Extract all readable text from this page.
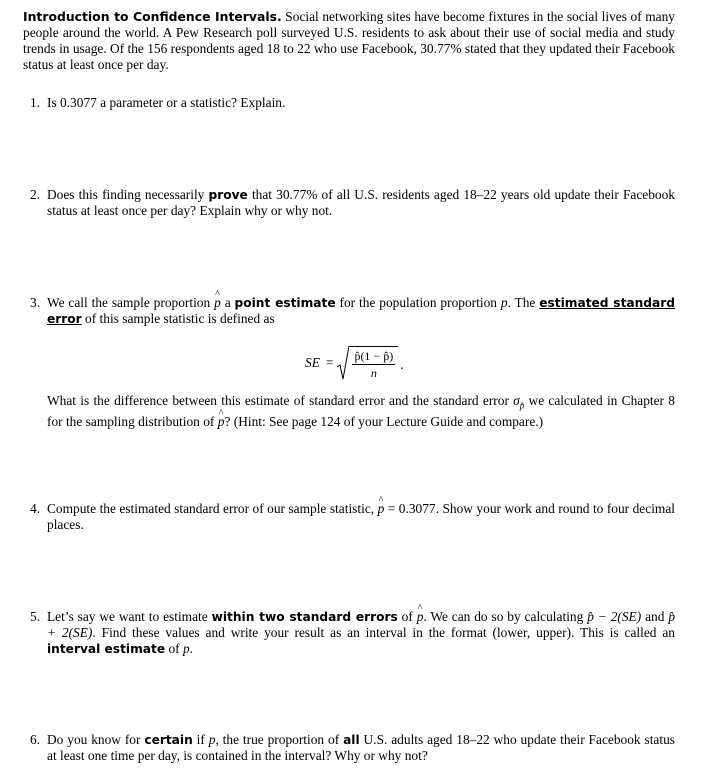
Introduction to Confidence Intervals. Social networking sites have become fixtures in the social lives of many people around the world. A Pew Research poll surveyed U.S. residents to ask about their use of social media and study trends in usage. Of the 156 respondents aged 18 to 22 who use Facebook, 30.77% stated that they updated their Facebook status at least once per day.
1. Is 0.3077 a parameter or a statistic? Explain.
2. Does this finding necessarily prove that 30.77% of all U.S. residents aged 18–22 years old update their Facebook status at least once per day? Explain why or why not.
3. We call the sample proportion ^ p a point estimate for the population proportion p. The estimated standard error of this sample statistic is defined as
SE = $\frac{p̂(1 - p̂)}{n}$ .
What is the difference between this estimate of standard error and the standard error $\sigma_{p̂}$ we calculated in Chapter 8 for the sampling distribution of ^ p? (Hint: See page 124 of your Lecture Guide and compare.)
4. Compute the estimated standard error of our sample statistic, ^ p = 0.3077. Show your work and round to four decimal places.
5. Let’s say we want to estimate within two standard errors of ^ p. We can do so by calculating p̂ − 2(SE) and p̂ + 2(SE). Find these values and write your result as an interval in the format (lower, upper). This is called an interval estimate of p.
6. Do you know for certain if p, the true proportion of all U.S. adults aged 18–22 who update their Facebook status at least one time per day, is contained in the interval? Why or why not?
